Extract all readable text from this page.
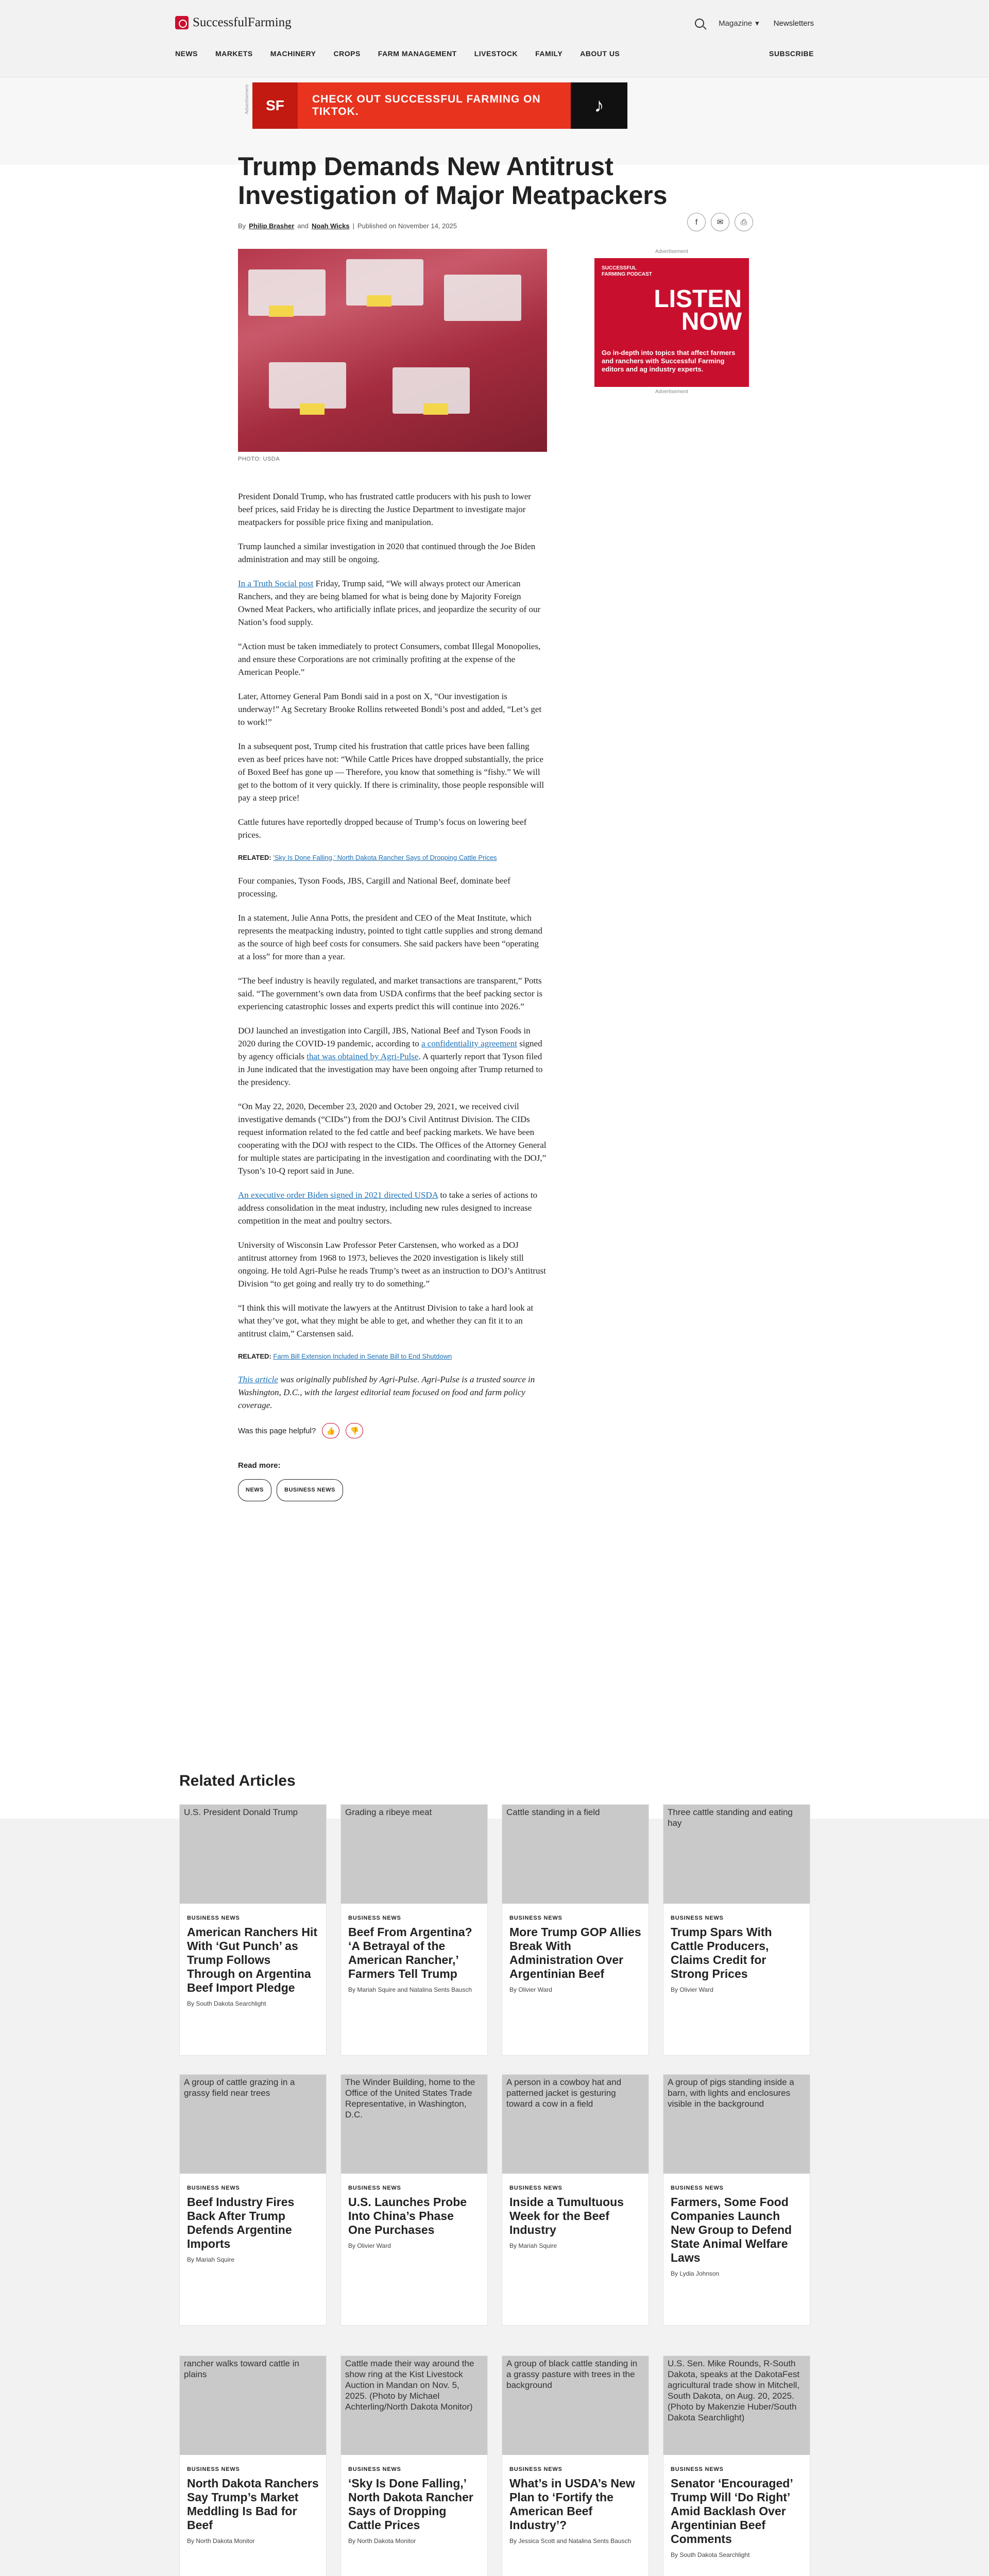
SuccessfulFarming	Magazine ▾ Newsletters
NEWS MARKETS MACHINERY CROPS FARM MANAGEMENT LIVESTOCK FAMILY ABOUT US	SUBSCRIBE
Advertisement	SF	CHECK OUT SUCCESSFUL FARMING ON TIKTOK.	♪
Trump Demands New Antitrust Investigation of Major Meatpackers
By Philip Brasher and Noah Wicks | Published on November 14, 2025	f	✉	⎙
PHOTO: USDA
Advertisement
SUCCESSFUL FARMING PODCAST
LISTEN NOW
Go in-depth into topics that affect farmers and ranchers with Successful Farming editors and ag industry experts.
Advertisement

President Donald Trump, who has frustrated cattle producers with his push to lower beef prices, said Friday he is directing the Justice Department to investigate major meatpackers for possible price fixing and manipulation.

Trump launched a similar investigation in 2020 that continued through the Joe Biden administration and may still be ongoing.

In a Truth Social post Friday, Trump said, “We will always protect our American Ranchers, and they are being blamed for what is being done by Majority Foreign Owned Meat Packers, who artificially inflate prices, and jeopardize the security of our Nation’s food supply.

“Action must be taken immediately to protect Consumers, combat Illegal Monopolies, and ensure these Corporations are not criminally profiting at the expense of the American People.”

Later, Attorney General Pam Bondi said in a post on X, “Our investigation is underway!” Ag Secretary Brooke Rollins retweeted Bondi’s post and added, “Let’s get to work!”

In a subsequent post, Trump cited his frustration that cattle prices have been falling even as beef prices have not: “While Cattle Prices have dropped substantially, the price of Boxed Beef has gone up — Therefore, you know that something is “fishy.” We will get to the bottom of it very quickly. If there is criminality, those people responsible will pay a steep price!

Cattle futures have reportedly dropped because of Trump’s focus on lowering beef prices.

RELATED: 'Sky Is Done Falling,' North Dakota Rancher Says of Dropping Cattle Prices

Four companies, Tyson Foods, JBS, Cargill and National Beef, dominate beef processing.

In a statement, Julie Anna Potts, the president and CEO of the Meat Institute, which represents the meatpacking industry, pointed to tight cattle supplies and strong demand as the source of high beef costs for consumers. She said packers have been “operating at a loss” for more than a year.

“The beef industry is heavily regulated, and market transactions are transparent,” Potts said. “The government’s own data from USDA confirms that the beef packing sector is experiencing catastrophic losses and experts predict this will continue into 2026.”

DOJ launched an investigation into Cargill, JBS, National Beef and Tyson Foods in 2020 during the COVID-19 pandemic, according to a confidentiality agreement signed by agency officials that was obtained by Agri-Pulse. A quarterly report that Tyson filed in June indicated that the investigation may have been ongoing after Trump returned to the presidency.

“On May 22, 2020, December 23, 2020 and October 29, 2021, we received civil investigative demands (“CIDs”) from the DOJ’s Civil Antitrust Division. The CIDs request information related to the fed cattle and beef packing markets. We have been cooperating with the DOJ with respect to the CIDs. The Offices of the Attorney General for multiple states are participating in the investigation and coordinating with the DOJ,” Tyson’s 10-Q report said in June.

An executive order Biden signed in 2021 directed USDA to take a series of actions to address consolidation in the meat industry, including new rules designed to increase competition in the meat and poultry sectors.

University of Wisconsin Law Professor Peter Carstensen, who worked as a DOJ antitrust attorney from 1968 to 1973, believes the 2020 investigation is likely still ongoing. He told Agri-Pulse he reads Trump’s tweet as an instruction to DOJ’s Antitrust Division “to get going and really try to do something.”

“I think this will motivate the lawyers at the Antitrust Division to take a hard look at what they’ve got, what they might be able to get, and whether they can fit it to an antitrust claim,” Carstensen said.

RELATED: Farm Bill Extension Included in Senate Bill to End Shutdown

This article was originally published by Agri-Pulse. Agri-Pulse is a trusted source in Washington, D.C., with the largest editorial team focused on food and farm policy coverage.

Was this page helpful?	👍	👎
Read more:
NEWS	BUSINESS NEWS
Related Articles
U.S. President Donald Trump
BUSINESS NEWS
American Ranchers Hit With ‘Gut Punch’ as Trump Follows Through on Argentina Beef Import Pledge
By South Dakota Searchlight
Grading a ribeye meat
BUSINESS NEWS
Beef From Argentina? ‘A Betrayal of the American Rancher,’ Farmers Tell Trump
By Mariah Squire and Natalina Sents Bausch
Cattle standing in a field
BUSINESS NEWS
More Trump GOP Allies Break With Administration Over Argentinian Beef
By Olivier Ward
Three cattle standing and eating hay
BUSINESS NEWS
Trump Spars With Cattle Producers, Claims Credit for Strong Prices
By Olivier Ward
A group of cattle grazing in a grassy field near trees
BUSINESS NEWS
Beef Industry Fires Back After Trump Defends Argentine Imports
By Mariah Squire
The Winder Building, home to the Office of the United States Trade Representative, in Washington, D.C.
BUSINESS NEWS
U.S. Launches Probe Into China’s Phase One Purchases
By Olivier Ward
A person in a cowboy hat and patterned jacket is gesturing toward a cow in a field
BUSINESS NEWS
Inside a Tumultuous Week for the Beef Industry
By Mariah Squire
A group of pigs standing inside a barn, with lights and enclosures visible in the background
BUSINESS NEWS
Farmers, Some Food Companies Launch New Group to Defend State Animal Welfare Laws
By Lydia Johnson
rancher walks toward cattle in plains
BUSINESS NEWS
North Dakota Ranchers Say Trump’s Market Meddling Is Bad for Beef
By North Dakota Monitor
Cattle made their way around the show ring at the Kist Livestock Auction in Mandan on Nov. 5, 2025. (Photo by Michael Achterling/North Dakota Monitor)
BUSINESS NEWS
‘Sky Is Done Falling,’ North Dakota Rancher Says of Dropping Cattle Prices
By North Dakota Monitor
A group of black cattle standing in a grassy pasture with trees in the background
BUSINESS NEWS
What’s in USDA’s New Plan to ‘Fortify the American Beef Industry’?
By Jessica Scott and Natalina Sents Bausch
U.S. Sen. Mike Rounds, R-South Dakota, speaks at the DakotaFest agricultural trade show in Mitchell, South Dakota, on Aug. 20, 2025. (Photo by Makenzie Huber/South Dakota Searchlight)
BUSINESS NEWS
Senator ‘Encouraged’ Trump Will ‘Do Right’ Amid Backlash Over Argentinian Beef Comments
By South Dakota Searchlight
